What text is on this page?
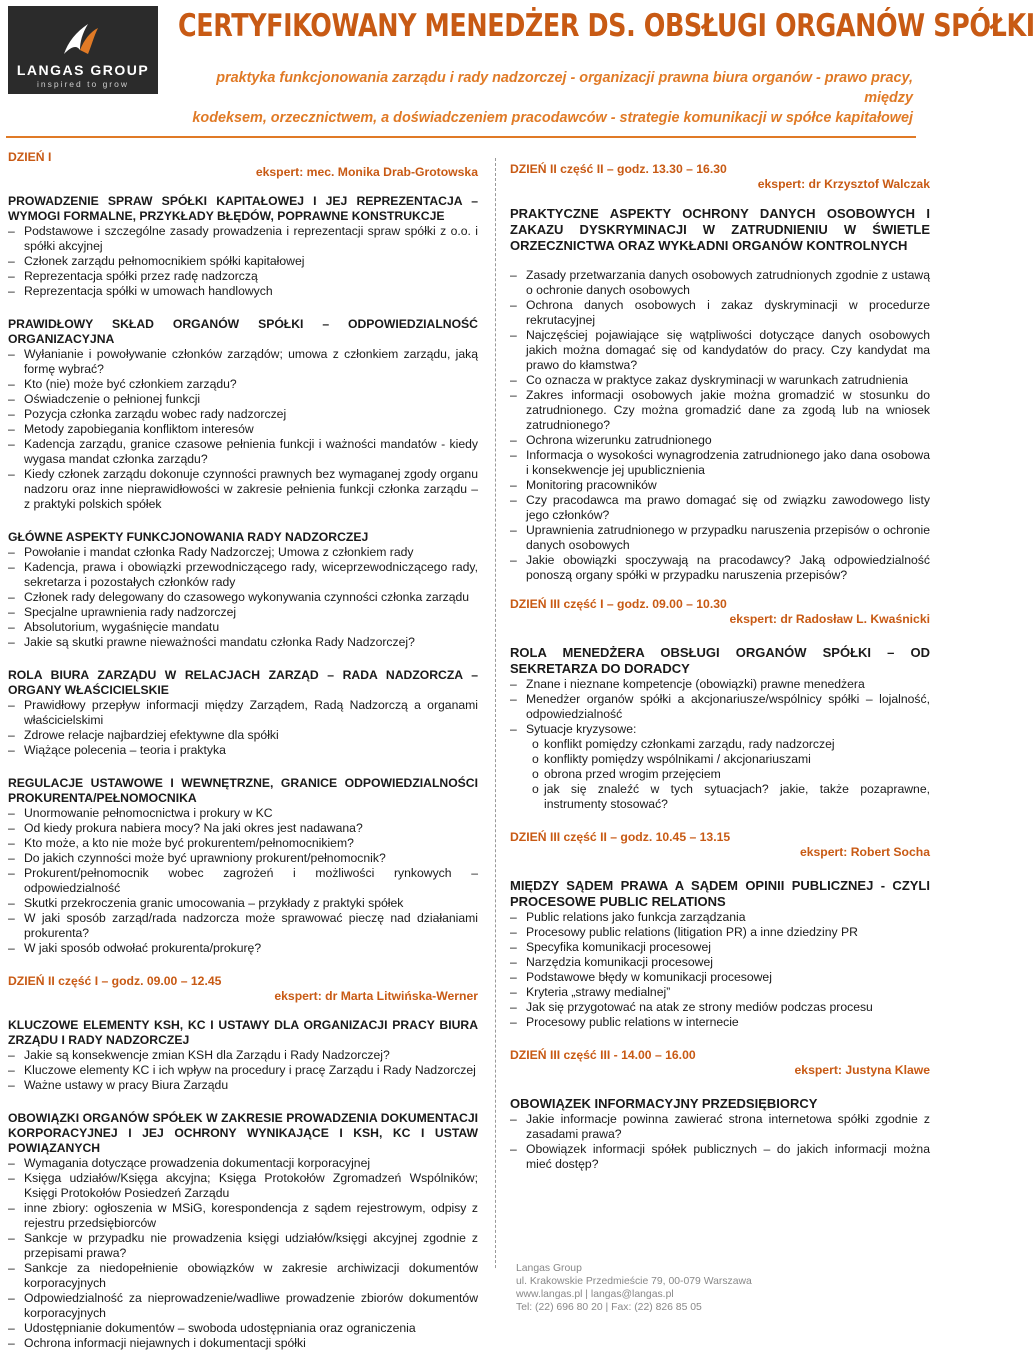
LANGAS GROUP
inspired to grow
CERTYFIKOWANY MENEDŻER DS. OBSŁUGI ORGANÓW SPÓŁKI
praktyka funkcjonowania zarządu i rady nadzorczej - organizacji prawna biura organów - prawo pracy, między
kodeksem, orzecznictwem, a doświadczeniem pracodawców - strategie komunikacji w spółce kapitałowej
DZIEŃ I
ekspert: mec. Monika Drab-Grotowska
PROWADZENIE SPRAW SPÓŁKI KAPITAŁOWEJ I JEJ REPREZENTACJA – WYMOGI FORMALNE, PRZYKŁADY BŁĘDÓW, POPRAWNE KONSTRUKCJE
– Podstawowe i szczególne zasady prowadzenia i reprezentacji spraw spółki z o.o. i spółki akcyjnej
– Członek zarządu pełnomocnikiem spółki kapitałowej
– Reprezentacja spółki przez radę nadzorczą
– Reprezentacja spółki w umowach handlowych
PRAWIDŁOWY SKŁAD ORGANÓW SPÓŁKI – ODPOWIEDZIALNOŚĆ ORGANIZACYJNA
– Wyłanianie i powoływanie członków zarządów; umowa z członkiem zarządu, jaką formę wybrać?
– Kto (nie) może być członkiem zarządu?
– Oświadczenie o pełnionej funkcji
– Pozycja członka zarządu wobec rady nadzorczej
– Metody zapobiegania konfliktom interesów
– Kadencja zarządu, granice czasowe pełnienia funkcji i ważności mandatów - kiedy wygasa mandat członka zarządu?
– Kiedy członek zarządu dokonuje czynności prawnych bez wymaganej zgody organu nadzoru oraz inne nieprawidłowości w zakresie pełnienia funkcji członka zarządu – z praktyki polskich spółek
GŁÓWNE ASPEKTY FUNKCJONOWANIA RADY NADZORCZEJ
– Powołanie i mandat członka Rady Nadzorczej; Umowa z członkiem rady
– Kadencja, prawa i obowiązki przewodniczącego rady, wiceprzewodniczącego rady, sekretarza i pozostałych członków rady
– Członek rady delegowany do czasowego wykonywania czynności członka zarządu
– Specjalne uprawnienia rady nadzorczej
– Absolutorium, wygaśnięcie mandatu
– Jakie są skutki prawne nieważności mandatu członka Rady Nadzorczej?
ROLA BIURA ZARZĄDU W RELACJACH ZARZĄD – RADA NADZORCZA – ORGANY WŁAŚCICIELSKIE
– Prawidłowy przepływ informacji między Zarządem, Radą Nadzorczą a organami właścicielskimi
– Zdrowe relacje najbardziej efektywne dla spółki
– Wiążące polecenia – teoria i praktyka
REGULACJE USTAWOWE I WEWNĘTRZNE, GRANICE ODPOWIEDZIALNOŚCI PROKURENTA/PEŁNOMOCNIKA
– Unormowanie pełnomocnictwa i prokury w KC
– Od kiedy prokura nabiera mocy? Na jaki okres jest nadawana?
– Kto może, a kto nie może być prokurentem/pełnomocnikiem?
– Do jakich czynności może być uprawniony prokurent/pełnomocnik?
– Prokurent/pełnomocnik wobec zagrożeń i możliwości rynkowych – odpowiedzialność
– Skutki przekroczenia granic umocowania – przykłady z praktyki spółek
– W jaki sposób zarząd/rada nadzorcza może sprawować pieczę nad działaniami prokurenta?
– W jaki sposób odwołać prokurenta/prokurę?
DZIEŃ II część I – godz. 09.00 – 12.45
ekspert: dr Marta Litwińska-Werner
KLUCZOWE ELEMENTY KSH, KC I USTAWY DLA ORGANIZACJI PRACY BIURA ZRZĄDU I RADY NADZORCZEJ
– Jakie są konsekwencje zmian KSH dla Zarządu i Rady Nadzorczej?
– Kluczowe elementy KC i ich wpływ na procedury i pracę Zarządu i Rady Nadzorczej
– Ważne ustawy w pracy Biura Zarządu
OBOWIĄZKI ORGANÓW SPÓŁEK W ZAKRESIE PROWADZENIA DOKUMENTACJI KORPORACYJNEJ I JEJ OCHRONY WYNIKAJĄCE I KSH, KC I USTAW POWIĄZANYCH
– Wymagania dotyczące prowadzenia dokumentacji korporacyjnej
– Księga udziałów/Księga akcyjna; Księga Protokołów Zgromadzeń Wspólników; Księgi Protokołów Posiedzeń Zarządu
– inne zbiory: ogłoszenia w MSiG, korespondencja z sądem rejestrowym, odpisy z rejestru przedsiębiorców
– Sankcje w przypadku nie prowadzenia księgi udziałów/księgi akcyjnej zgodnie z przepisami prawa?
– Sankcje za niedopełnienie obowiązków w zakresie archiwizacji dokumentów korporacyjnych
– Odpowiedzialność za nieprowadzenie/wadliwe prowadzenie zbiorów dokumentów korporacyjnych
– Udostępnianie dokumentów – swoboda udostępniania oraz ograniczenia
– Ochrona informacji niejawnych i dokumentacji spółki
DZIEŃ II część II – godz. 13.30 – 16.30
ekspert: dr Krzysztof Walczak
PRAKTYCZNE ASPEKTY OCHRONY DANYCH OSOBOWYCH I ZAKAZU DYSKRYMINACJI W ZATRUDNIENIU W ŚWIETLE ORZECZNICTWA ORAZ WYKŁADNI ORGANÓW KONTROLNYCH
– Zasady przetwarzania danych osobowych zatrudnionych zgodnie z ustawą o ochronie danych osobowych
– Ochrona danych osobowych i zakaz dyskryminacji w procedurze rekrutacyjnej
– Najczęściej pojawiające się wątpliwości dotyczące danych osobowych jakich można domagać się od kandydatów do pracy. Czy kandydat ma prawo do kłamstwa?
– Co oznacza w praktyce zakaz dyskryminacji w warunkach zatrudnienia
– Zakres informacji osobowych jakie można gromadzić w stosunku do zatrudnionego. Czy można gromadzić dane za zgodą lub na wniosek zatrudnionego?
– Ochrona wizerunku zatrudnionego
– Informacja o wysokości wynagrodzenia zatrudnionego jako dana osobowa i konsekwencje jej upublicznienia
– Monitoring pracowników
– Czy pracodawca ma prawo domagać się od związku zawodowego listy jego członków?
– Uprawnienia zatrudnionego w przypadku naruszenia przepisów o ochronie danych osobowych
– Jakie obowiązki spoczywają na pracodawcy? Jaką odpowiedzialność ponoszą organy spółki w przypadku naruszenia przepisów?
DZIEŃ III część I – godz. 09.00 – 10.30
ekspert: dr Radosław L. Kwaśnicki
ROLA MENEDŻERA OBSŁUGI ORGANÓW SPÓŁKI – OD SEKRETARZA DO DORADCY
– Znane i nieznane kompetencje (obowiązki) prawne menedżera
– Menedżer organów spółki a akcjonariusze/wspólnicy spółki – lojalność, odpowiedzialność
– Sytuacje kryzysowe:
o konflikt pomiędzy członkami zarządu, rady nadzorczej
o konflikty pomiędzy wspólnikami / akcjonariuszami
o obrona przed wrogim przejęciem
o jak się znaleźć w tych sytuacjach? jakie, także pozaprawne, instrumenty stosować?
DZIEŃ III część II – godz. 10.45 – 13.15
ekspert: Robert Socha
MIĘDZY SĄDEM PRAWA A SĄDEM OPINII PUBLICZNEJ - CZYLI PROCESOWE PUBLIC RELATIONS
– Public relations jako funkcja zarządzania
– Procesowy public relations (litigation PR) a inne dziedziny PR
– Specyfika komunikacji procesowej
– Narzędzia komunikacji procesowej
– Podstawowe błędy w komunikacji procesowej
– Kryteria „strawy medialnej”
– Jak się przygotować na atak ze strony mediów podczas procesu
– Procesowy public relations w internecie
DZIEŃ III część III - 14.00 – 16.00
ekspert: Justyna Klawe
OBOWIĄZEK INFORMACYJNY PRZEDSIĘBIORCY
– Jakie informacje powinna zawierać strona internetowa spółki zgodnie z zasadami prawa?
– Obowiązek informacji spółek publicznych – do jakich informacji można mieć dostęp?
Langas Group
ul. Krakowskie Przedmieście 79, 00-079 Warszawa
www.langas.pl | langas@langas.pl
Tel: (22) 696 80 20 | Fax: (22) 826 85 05
